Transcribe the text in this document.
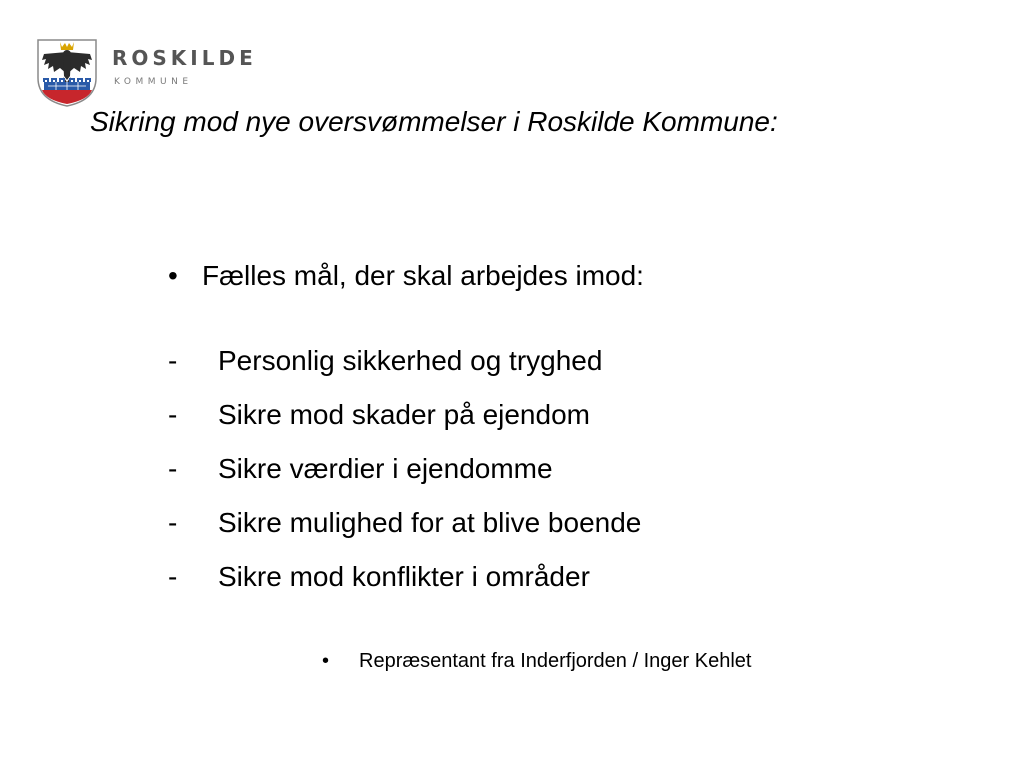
ROSKILDE
KOMMUNE
Sikring mod nye oversvømmelser i Roskilde Kommune:
• Fælles mål, der skal arbejdes imod:
- Personlig sikkerhed og tryghed
- Sikre mod skader på ejendom
- Sikre værdier i ejendomme
- Sikre mulighed for at blive boende
- Sikre mod konflikter i områder
• Repræsentant fra Inderfjorden / Inger Kehlet
